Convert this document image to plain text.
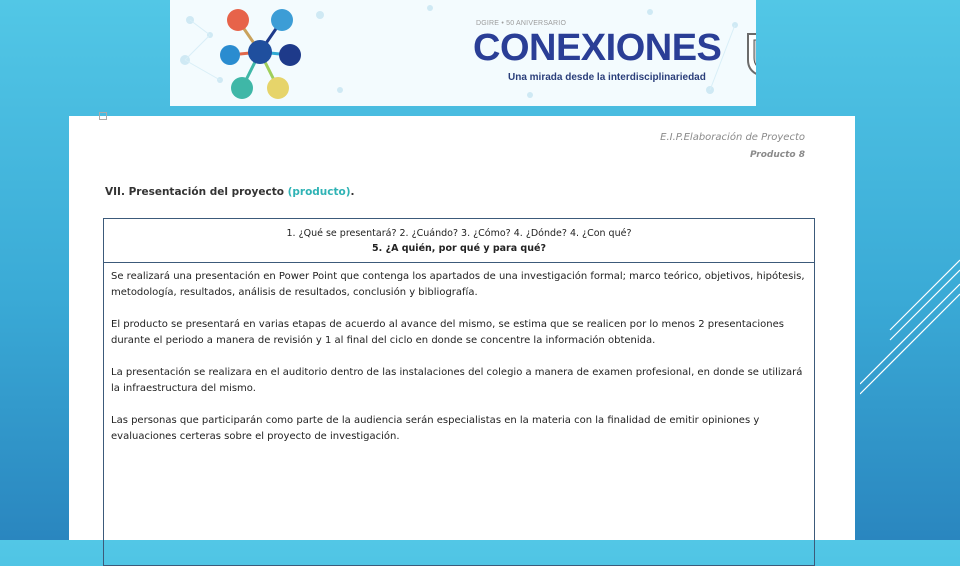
DGIRE • 50 ANIVERSARIO
CONEXIONES
Una mirada desde la interdisciplinariedad
50
DGIRE
SI
UNAM
E.I.P.Elaboración de Proyecto
Producto 8
VII. Presentación del proyecto (producto).
1. ¿Qué se presentará? 2. ¿Cuándo? 3. ¿Cómo? 4. ¿Dónde? 4. ¿Con qué?
5. ¿A quién, por qué y para qué?

Se realizará una presentación en Power Point que contenga los apartados de una investigación formal; marco teórico, objetivos, hipótesis, metodología, resultados, análisis de resultados, conclusión y bibliografía.

El producto se presentará en varias etapas de acuerdo al avance del mismo, se estima que se realicen por lo menos 2 presentaciones durante el periodo a manera de revisión y 1 al final del ciclo en donde se concentre la información obtenida.

La presentación se realizara en el auditorio dentro de las instalaciones del colegio a manera de examen profesional, en donde se utilizará la infraestructura del mismo.

Las personas que participarán como parte de la audiencia serán especialistas en la materia con la finalidad de emitir opiniones y evaluaciones certeras sobre el proyecto de investigación.
